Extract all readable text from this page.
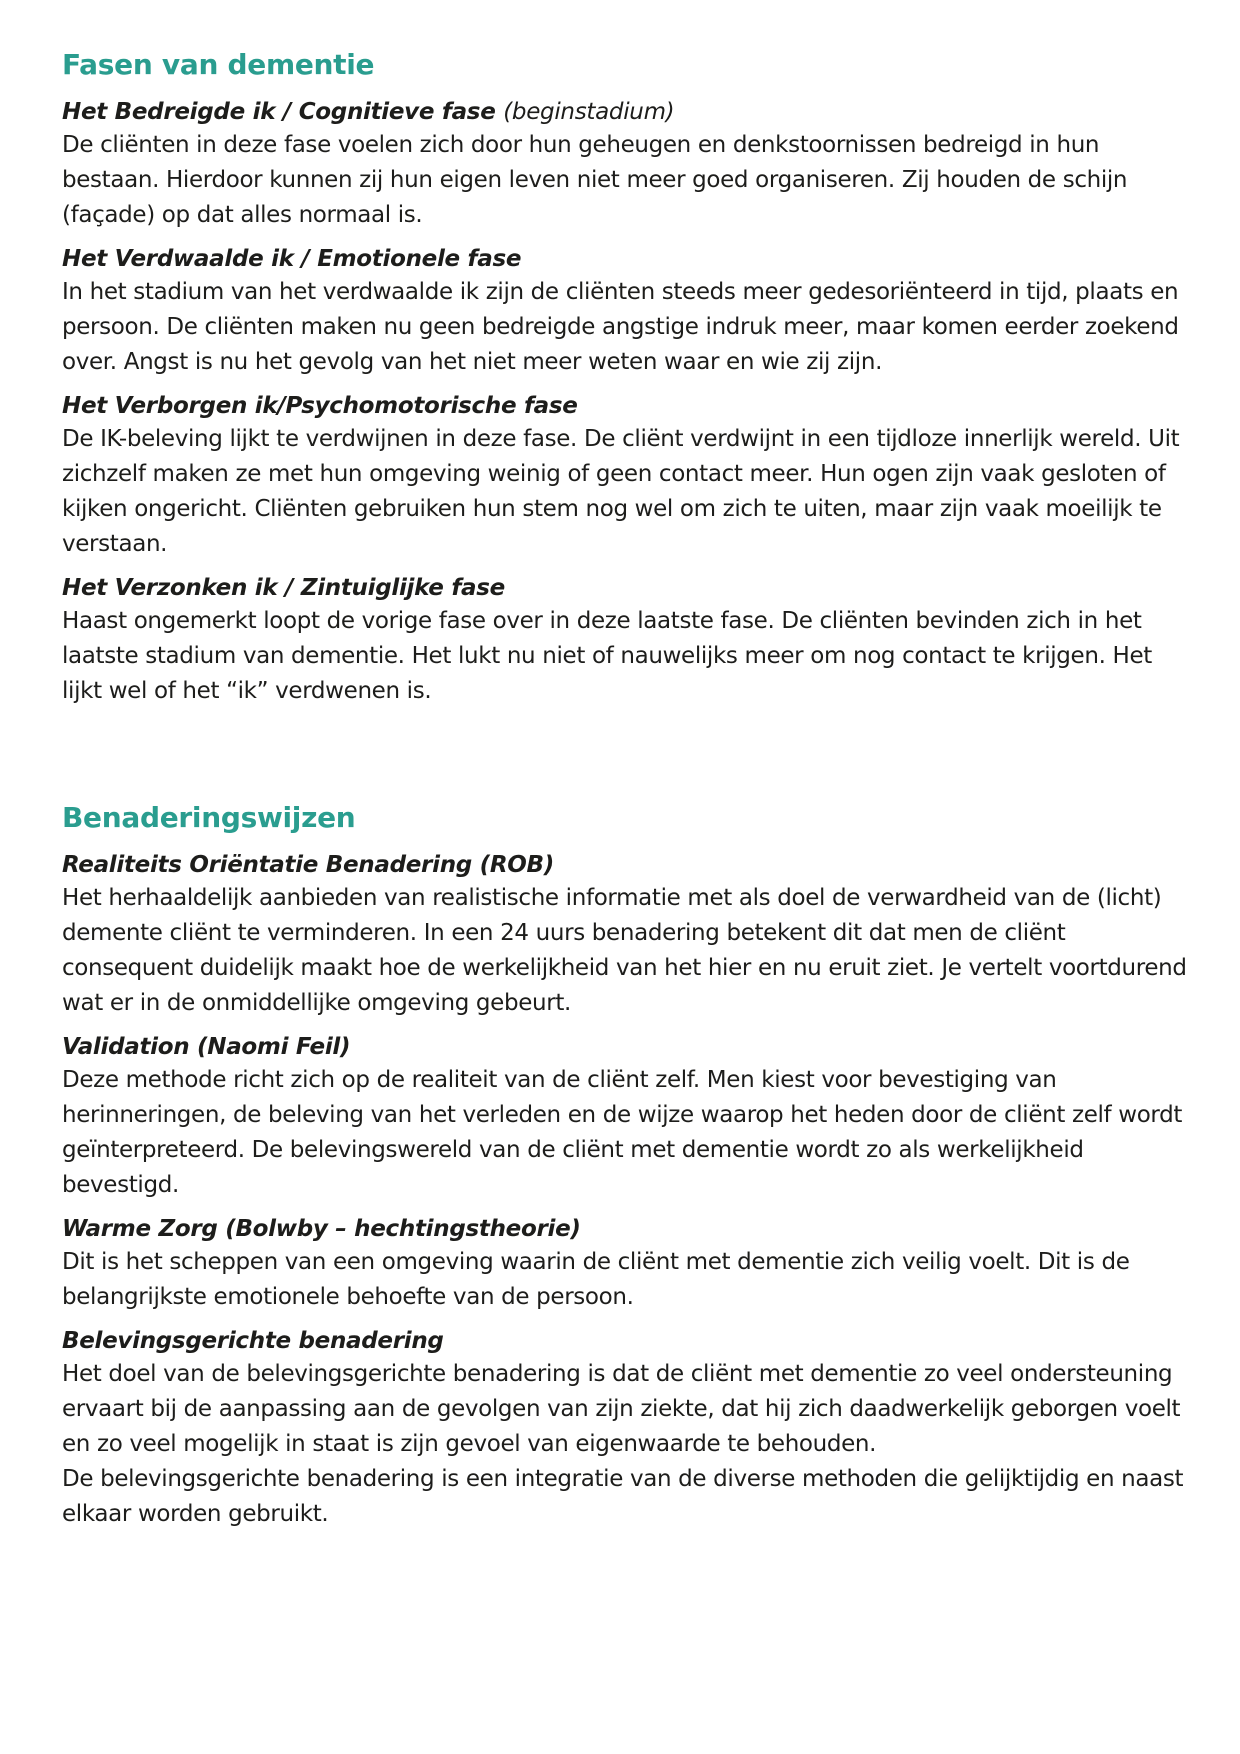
Fasen van dementie

Het Bedreigde ik / Cognitieve fase (beginstadium)

De cliënten in deze fase voelen zich door hun geheugen en denkstoornissen bedreigd in hun bestaan. Hierdoor kunnen zij hun eigen leven niet meer goed organiseren. Zij houden de schijn (façade) op dat alles normaal is.

Het Verdwaalde ik / Emotionele fase

In het stadium van het verdwaalde ik zijn de cliënten steeds meer gedesoriënteerd in tijd, plaats en persoon. De cliënten maken nu geen bedreigde angstige indruk meer, maar komen eerder zoekend over. Angst is nu het gevolg van het niet meer weten waar en wie zij zijn.

Het Verborgen ik/Psychomotorische fase

De IK-beleving lijkt te verdwijnen in deze fase. De cliënt verdwijnt in een tijdloze innerlijk wereld. Uit zichzelf maken ze met hun omgeving weinig of geen contact meer. Hun ogen zijn vaak gesloten of kijken ongericht. Cliënten gebruiken hun stem nog wel om zich te uiten, maar zijn vaak moeilijk te verstaan.

Het Verzonken ik / Zintuiglijke fase

Haast ongemerkt loopt de vorige fase over in deze laatste fase. De cliënten bevinden zich in het laatste stadium van dementie. Het lukt nu niet of nauwelijks meer om nog contact te krijgen. Het lijkt wel of het “ik” verdwenen is.

Benaderingswijzen

Realiteits Oriëntatie Benadering (ROB)

Het herhaaldelijk aanbieden van realistische informatie met als doel de verwardheid van de (licht) demente cliënt te verminderen. In een 24 uurs benadering betekent dit dat men de cliënt consequent duidelijk maakt hoe de werkelijkheid van het hier en nu eruit ziet. Je vertelt voortdurend wat er in de onmiddellijke omgeving gebeurt.

Validation (Naomi Feil)

Deze methode richt zich op de realiteit van de cliënt zelf. Men kiest voor bevestiging van herinneringen, de beleving van het verleden en de wijze waarop het heden door de cliënt zelf wordt geïnterpreteerd. De belevingswereld van de cliënt met dementie wordt zo als werkelijkheid bevestigd.

Warme Zorg (Bolwby – hechtingstheorie)

Dit is het scheppen van een omgeving waarin de cliënt met dementie zich veilig voelt. Dit is de belangrijkste emotionele behoefte van de persoon.

Belevingsgerichte benadering

Het doel van de belevingsgerichte benadering is dat de cliënt met dementie zo veel ondersteuning ervaart bij de aanpassing aan de gevolgen van zijn ziekte, dat hij zich daadwerkelijk geborgen voelt en zo veel mogelijk in staat is zijn gevoel van eigenwaarde te behouden.

De belevingsgerichte benadering is een integratie van de diverse methoden die gelijktijdig en naast elkaar worden gebruikt.
